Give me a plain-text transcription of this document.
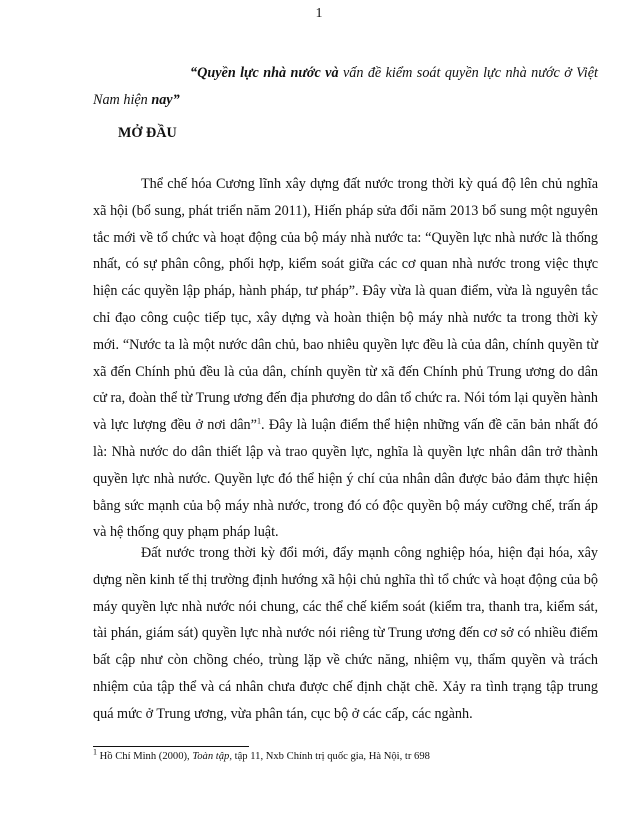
1
“Quyền lực nhà nước và vấn đề kiểm soát quyền lực nhà nước ở Việt Nam hiện nay”
MỞ ĐẦU

Thể chế hóa Cương lĩnh xây dựng đất nước trong thời kỳ quá độ lên chủ nghĩa xã hội (bổ sung, phát triển năm 2011), Hiến pháp sửa đổi năm 2013 bổ sung một nguyên tắc mới về tổ chức và hoạt động của bộ máy nhà nước ta: “Quyền lực nhà nước là thống nhất, có sự phân công, phối hợp, kiểm soát giữa các cơ quan nhà nước trong việc thực hiện các quyền lập pháp, hành pháp, tư pháp”. Đây vừa là quan điểm, vừa là nguyên tắc chỉ đạo công cuộc tiếp tục, xây dựng và hoàn thiện bộ máy nhà nước ta trong thời kỳ mới. “Nước ta là một nước dân chủ, bao nhiêu quyền lực đều là của dân, chính quyền từ xã đến Chính phủ đều là của dân, chính quyền từ xã đến Chính phủ Trung ương do dân cử ra, đoàn thể từ Trung ương đến địa phương do dân tổ chức ra. Nói tóm lại quyền hành và lực lượng đều ở nơi dân”$^1$. Đây là luận điểm thể hiện những vấn đề căn bản nhất đó là: Nhà nước do dân thiết lập và trao quyền lực, nghĩa là quyền lực nhân dân trở thành quyền lực nhà nước. Quyền lực đó thể hiện ý chí của nhân dân được bảo đảm thực hiện bằng sức mạnh của bộ máy nhà nước, trong đó có độc quyền bộ máy cưỡng chế, trấn áp và hệ thống quy phạm pháp luật.

Đất nước trong thời kỳ đổi mới, đẩy mạnh công nghiệp hóa, hiện đại hóa, xây dựng nền kinh tế thị trường định hướng xã hội chủ nghĩa thì tổ chức và hoạt động của bộ máy quyền lực nhà nước nói chung, các thể chế kiểm soát (kiểm tra, thanh tra, kiểm sát, tài phán, giám sát) quyền lực nhà nước nói riêng từ Trung ương đến cơ sở có nhiều điểm bất cập như còn chồng chéo, trùng lặp về chức năng, nhiệm vụ, thẩm quyền và trách nhiệm của tập thể và cá nhân chưa được chế định chặt chẽ. Xảy ra tình trạng tập trung quá mức ở Trung ương, vừa phân tán, cục bộ ở các cấp, các ngành.

$^1$ Hồ Chí Minh (2000), Toàn tập, tập 11, Nxb Chính trị quốc gia, Hà Nội, tr 698
